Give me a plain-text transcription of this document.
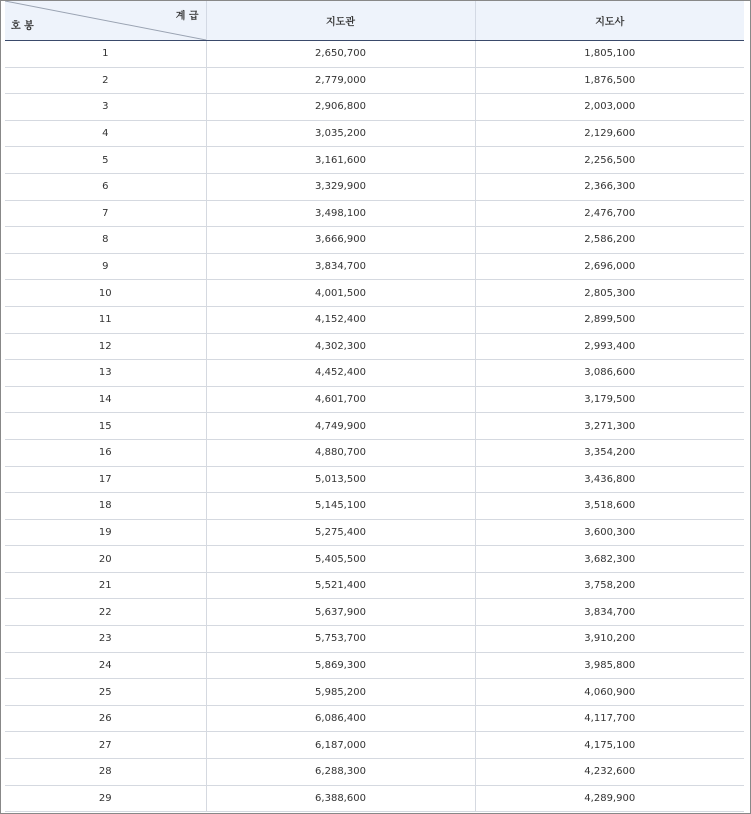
계 급
호 봉	지도관	지도사
1	2,650,700	1,805,100
2	2,779,000	1,876,500
3	2,906,800	2,003,000
4	3,035,200	2,129,600
5	3,161,600	2,256,500
6	3,329,900	2,366,300
7	3,498,100	2,476,700
8	3,666,900	2,586,200
9	3,834,700	2,696,000
10	4,001,500	2,805,300
11	4,152,400	2,899,500
12	4,302,300	2,993,400
13	4,452,400	3,086,600
14	4,601,700	3,179,500
15	4,749,900	3,271,300
16	4,880,700	3,354,200
17	5,013,500	3,436,800
18	5,145,100	3,518,600
19	5,275,400	3,600,300
20	5,405,500	3,682,300
21	5,521,400	3,758,200
22	5,637,900	3,834,700
23	5,753,700	3,910,200
24	5,869,300	3,985,800
25	5,985,200	4,060,900
26	6,086,400	4,117,700
27	6,187,000	4,175,100
28	6,288,300	4,232,600
29	6,388,600	4,289,900
